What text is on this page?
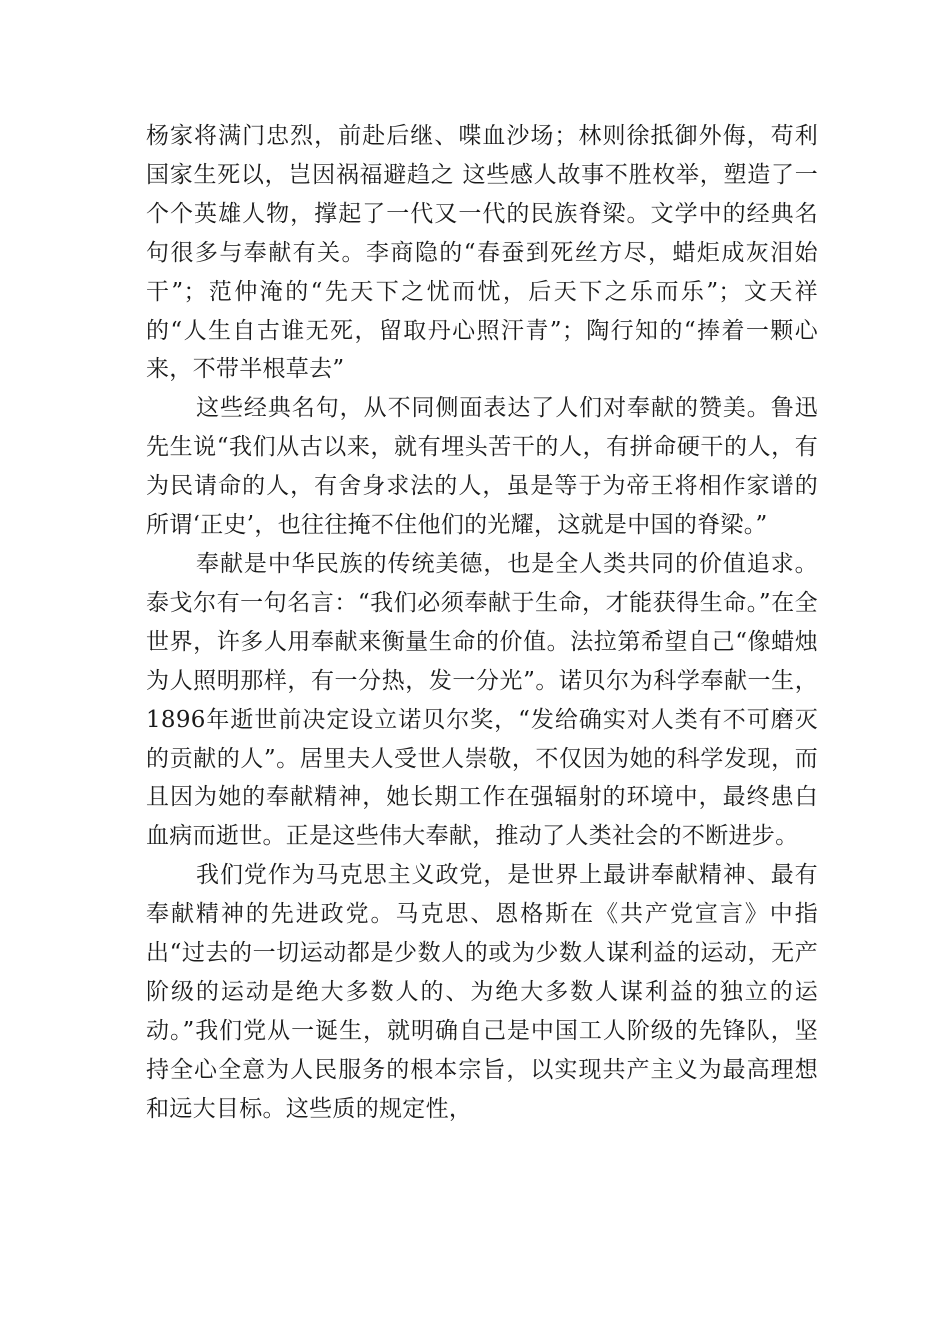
杨家将满门忠烈，前赴后继、喋血沙场；林则徐抵御外侮，苟利国家生死以，岂因祸福避趋之 这些感人故事不胜枚举，塑造了一个个英雄人物，撑起了一代又一代的民族脊梁。文学中的经典名句很多与奉献有关。李商隐的“春蚕到死丝方尽，蜡炬成灰泪始干”；范仲淹的“先天下之忧而忧，后天下之乐而乐”；文天祥的“人生自古谁无死，留取丹心照汗青”；陶行知的“捧着一颗心来，不带半根草去”

这些经典名句，从不同侧面表达了人们对奉献的赞美。鲁迅先生说“我们从古以来，就有埋头苦干的人，有拼命硬干的人，有为民请命的人，有舍身求法的人，虽是等于为帝王将相作家谱的所谓‘正史’，也往往掩不住他们的光耀，这就是中国的脊梁。”

奉献是中华民族的传统美德，也是全人类共同的价值追求。泰戈尔有一句名言：“我们必须奉献于生命，才能获得生命。”在全世界，许多人用奉献来衡量生命的价值。法拉第希望自己“像蜡烛为人照明那样，有一分热，发一分光”。诺贝尔为科学奉献一生，1896年逝世前决定设立诺贝尔奖，“发给确实对人类有不可磨灭的贡献的人”。居里夫人受世人崇敬，不仅因为她的科学发现，而且因为她的奉献精神，她长期工作在强辐射的环境中，最终患白血病而逝世。正是这些伟大奉献，推动了人类社会的不断进步。

我们党作为马克思主义政党，是世界上最讲奉献精神、最有奉献精神的先进政党。马克思、恩格斯在《共产党宣言》中指出“过去的一切运动都是少数人的或为少数人谋利益的运动，无产阶级的运动是绝大多数人的、为绝大多数人谋利益的独立的运动。”我们党从一诞生，就明确自己是中国工人阶级的先锋队，坚持全心全意为人民服务的根本宗旨，以实现共产主义为最高理想和远大目标。这些质的规定性，
